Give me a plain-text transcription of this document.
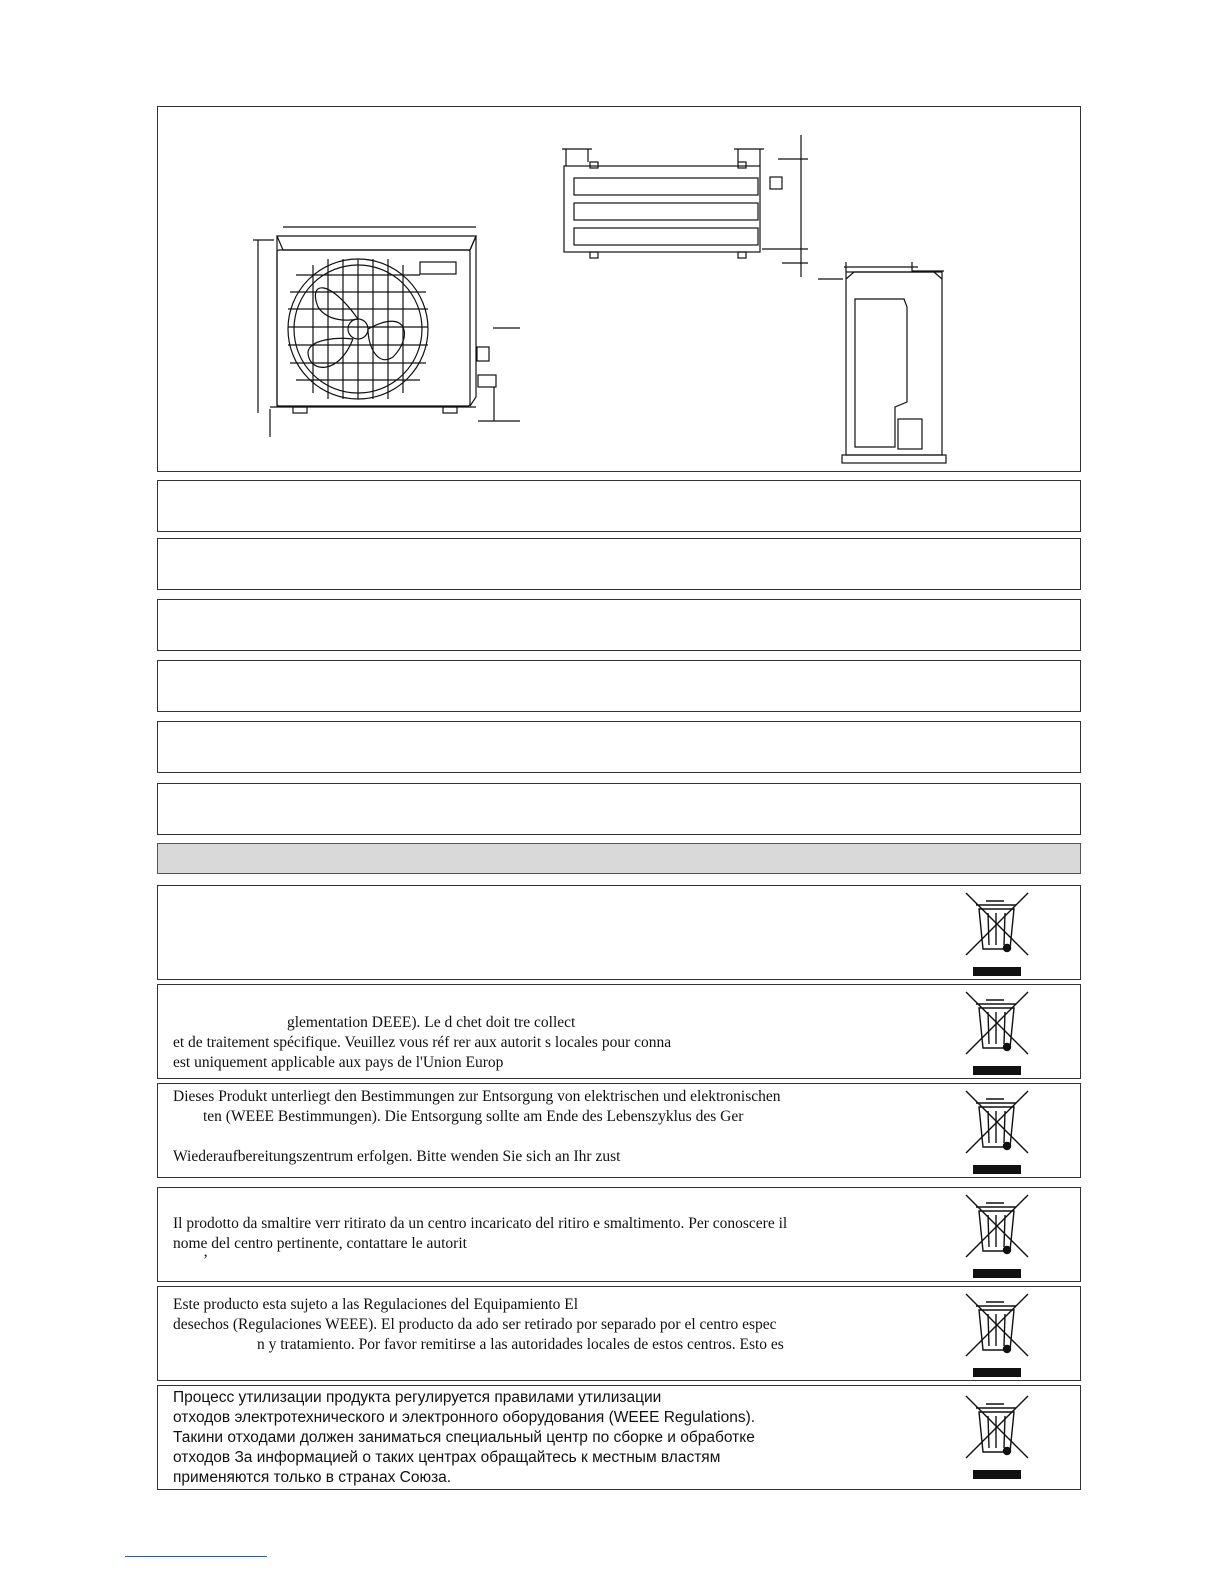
glementation DEEE). Le d chet doit tre collect
et de traitement spécifique. Veuillez vous réf rer aux autorit s locales pour conna
est uniquement applicable aux pays de l'Union Europ
Dieses Produkt unterliegt den Bestimmungen zur Entsorgung von elektrischen und elektronischen
ten (WEEE Bestimmungen). Die Entsorgung sollte am Ende des Lebenszyklus des Ger
Wiederaufbereitungszentrum erfolgen. Bitte wenden Sie sich an Ihr zust
Il prodotto da smaltire verr ritirato da un centro incaricato del ritiro e smaltimento. Per conoscere il
nome del centro pertinente, contattare le autorit
’
Este producto esta sujeto a las Regulaciones del Equipamiento El
desechos (Regulaciones WEEE). El producto da ado ser retirado por separado por el centro espec
n y tratamiento. Por favor remitirse a las autoridades locales de estos centros. Esto es
Процесс утилизации продукта регулируется правилами утилизации
отходов электротехнического и электронного оборудования (WEEE Regulations).
Такини отходами должен заниматься специальный центр по сборке и обработке
отходов За информацией о таких центрах обращайтесь к местным властям
применяются только в странах Союза.
